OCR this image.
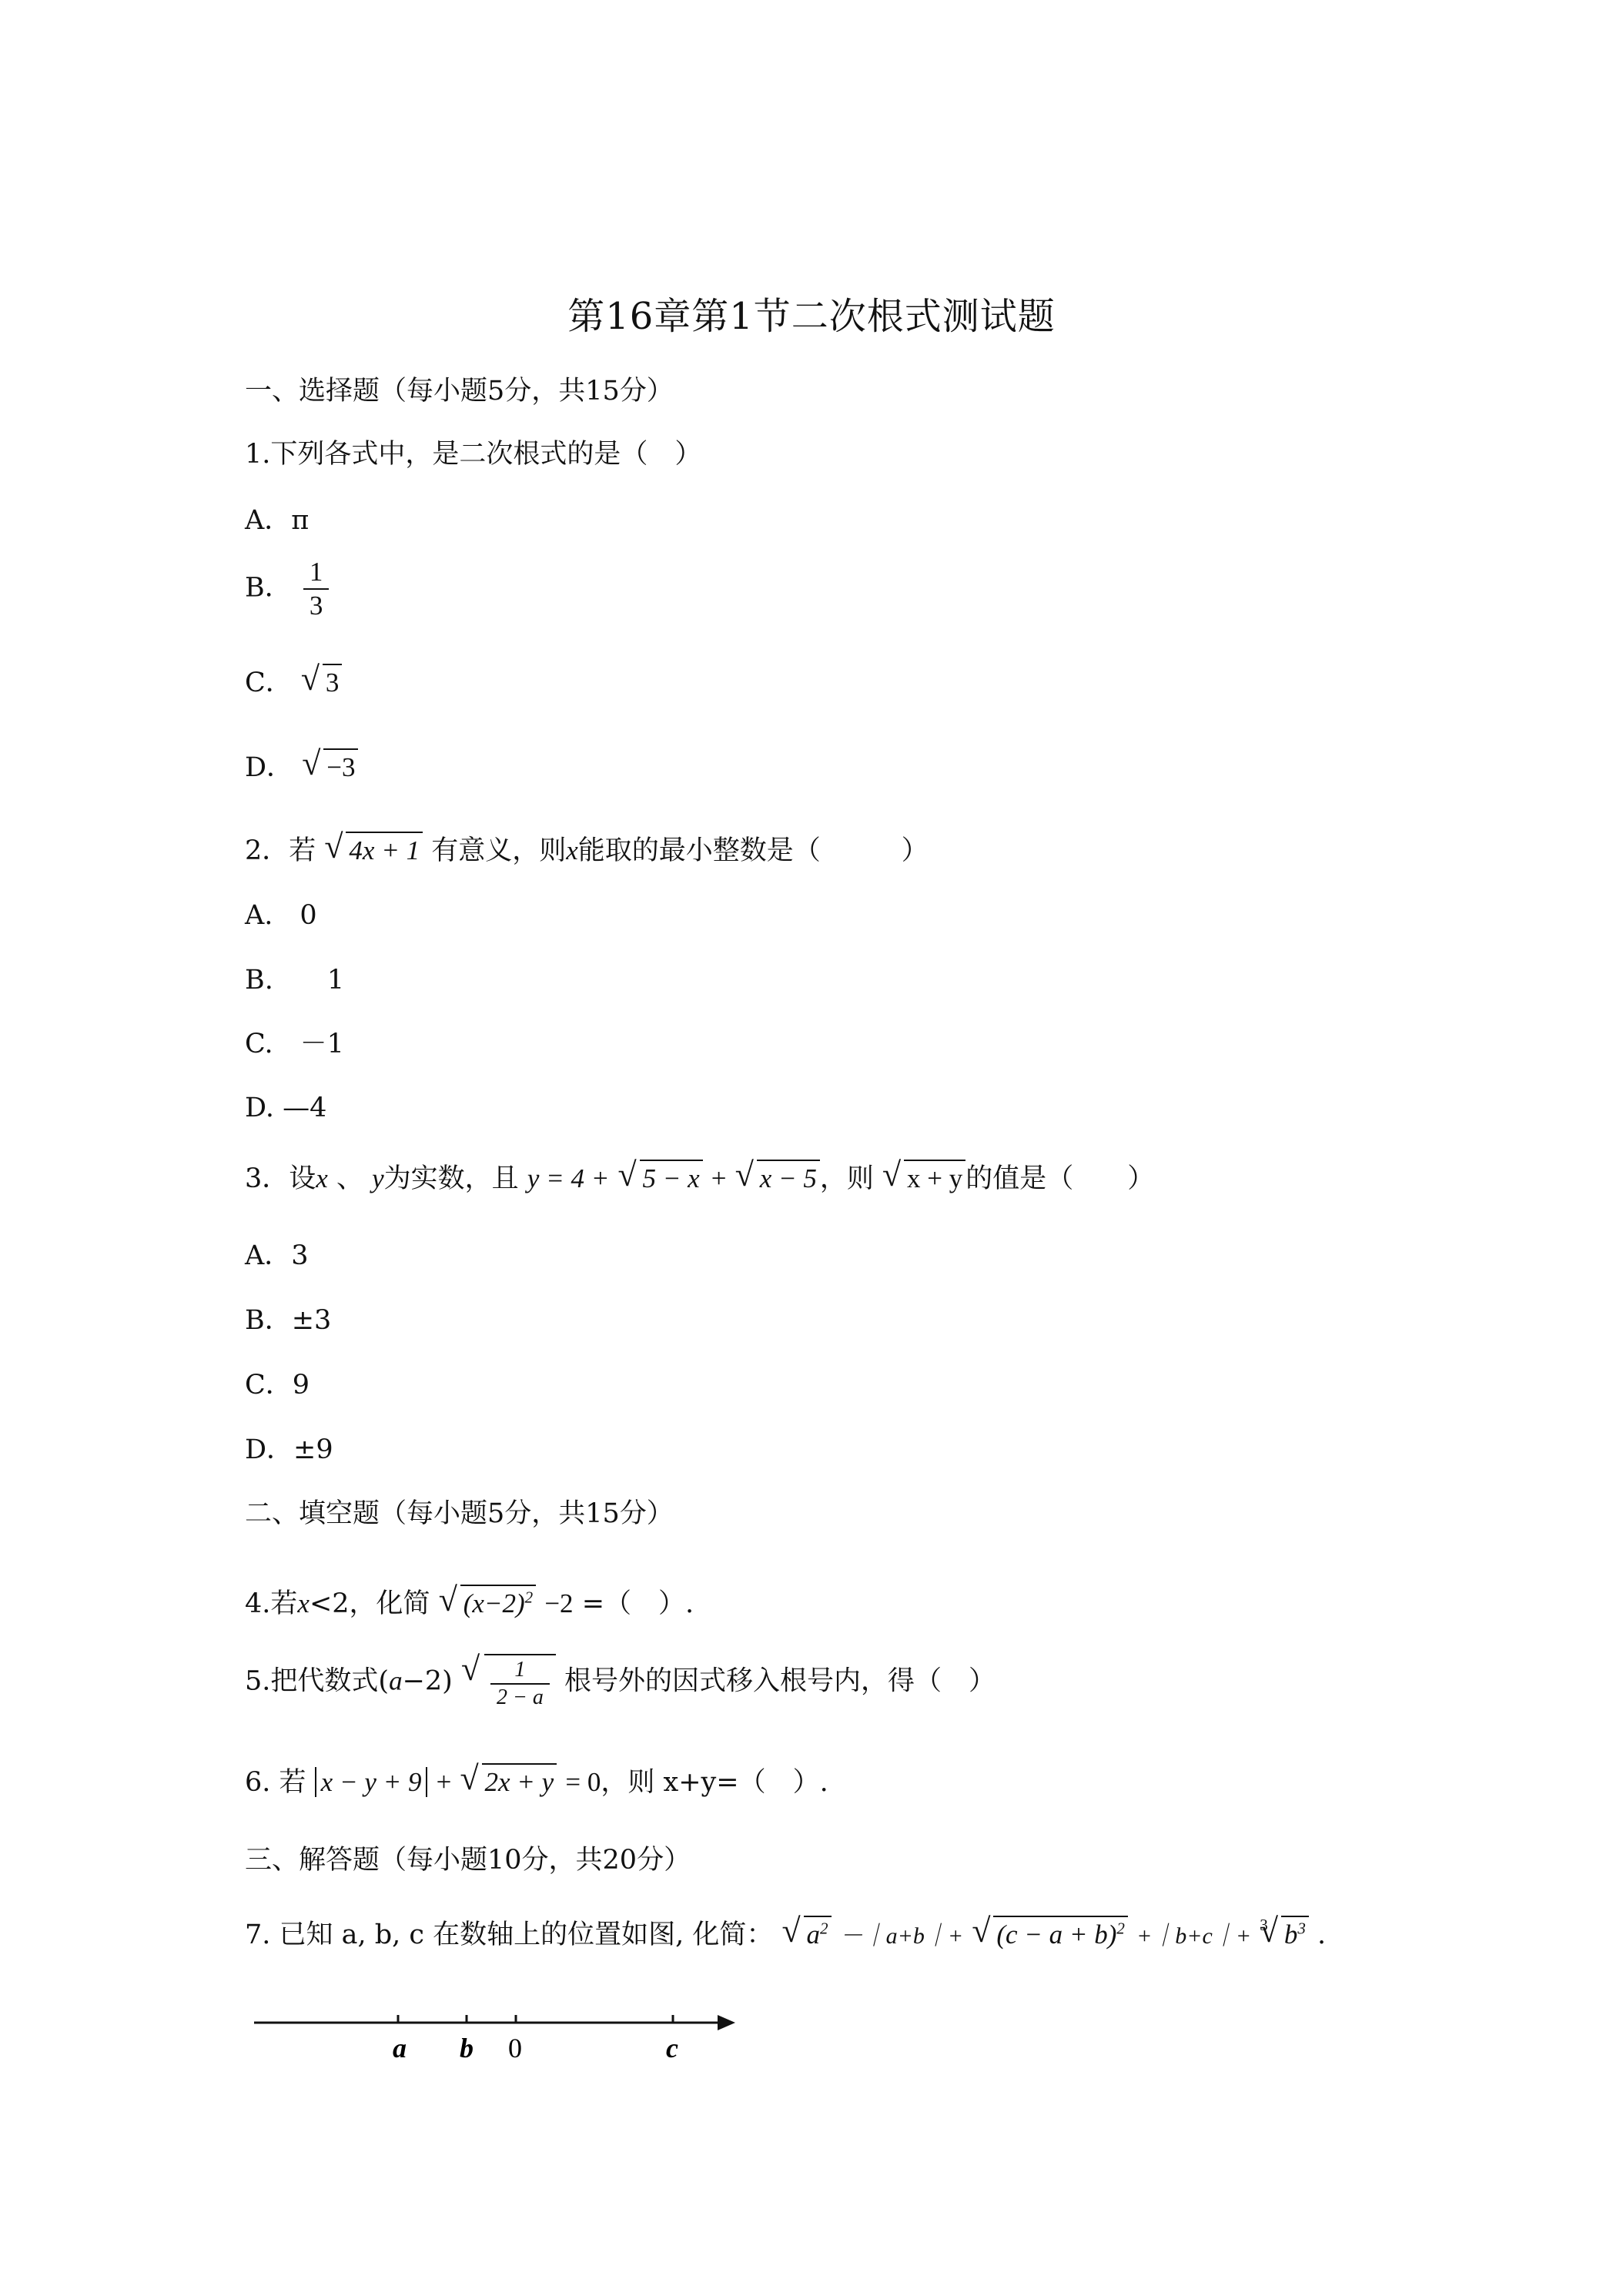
第16章第1节二次根式测试题
一、选择题（每小题5分，共15分）
1.下列各式中，是二次根式的是（　）
A．π
B． $\frac{1}{3}$
C． √ 3
D． √ −3
2．若 √ 4x + 1 有意义，则x能取的最小整数是（　　　）
A.　0
B.　　1
C.　－1
D. —4
3．设x 、 y为实数，且 y = 4 + √ 5 − x + √ x − 5 ，则 √ x + y 的值是（　　）
A．3
B．±3
C．9
D．±9
二、填空题（每小题5分，共15分）
4.若x<2，化简 √ $(x-2)^2 -2$ =（　）.
5.把代数式(a−2) √ $\frac{1}{2 - a}$ 根号外的因式移入根号内，得（　）
6. 若 x − y + 9 + √ 2x + y = 0，则 x+y=（　）.
三、解答题（每小题10分，共20分）
7. 已知 a, b, c 在数轴上的位置如图, 化简： √ $a^2$ －｜a+b｜+ √ $(c - a + b)^2$ +｜b+c｜+ $^3$ √ $b^3$ .
a b 0	c
